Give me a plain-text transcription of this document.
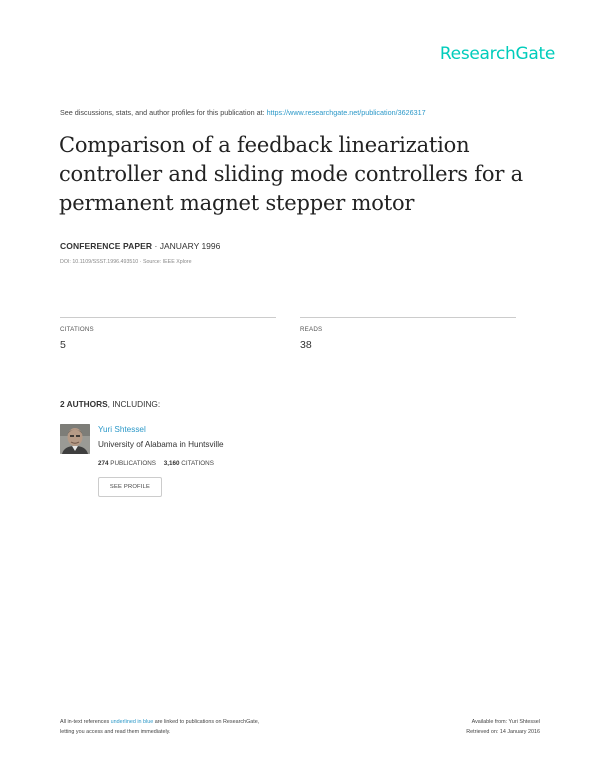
ResearchGate
See discussions, stats, and author profiles for this publication at: https://www.researchgate.net/publication/3626317
Comparison of a feedback linearization
controller and sliding mode controllers for a
permanent magnet stepper motor
CONFERENCE PAPER · JANUARY 1996
DOI: 10.1109/SSST.1996.493510 · Source: IEEE Xplore
CITATIONS
5
READS
38
2 AUTHORS, INCLUDING:
Yuri Shtessel
University of Alabama in Huntsville
274 PUBLICATIONS 3,160 CITATIONS
SEE PROFILE
All in-text references underlined in blue are linked to publications on ResearchGate,
letting you access and read them immediately.
Available from: Yuri Shtessel
Retrieved on: 14 January 2016
